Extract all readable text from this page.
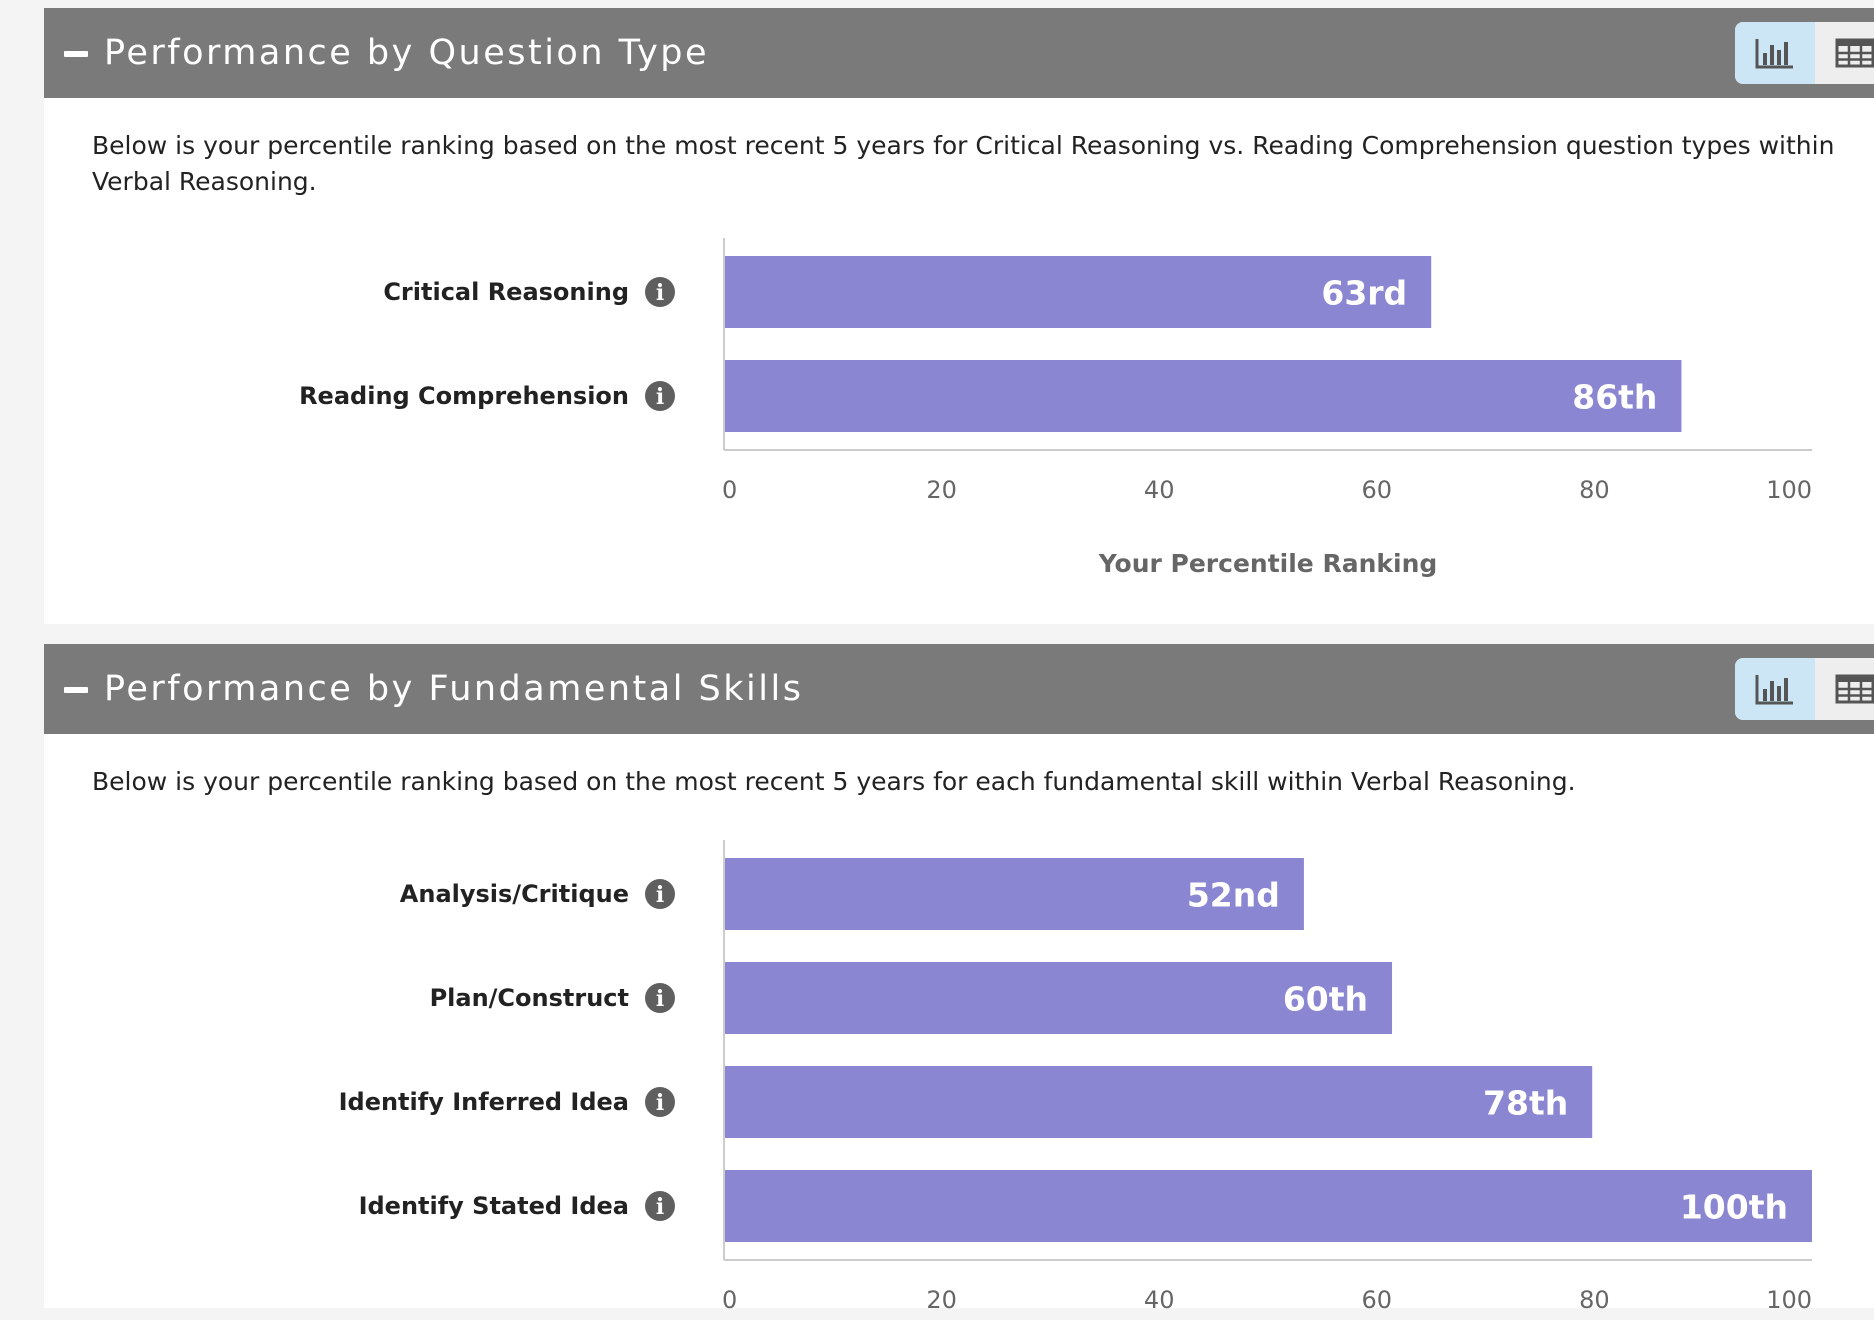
Performance by Question Type
Below is your percentile ranking based on the most recent 5 years for Critical Reasoning vs. Reading Comprehension question types within Verbal Reasoning.
Critical Reasoning i	63rd
Reading Comprehension i	86th
0	20	40	60	80	100
Your Percentile Ranking
Performance by Fundamental Skills
Below is your percentile ranking based on the most recent 5 years for each fundamental skill within Verbal Reasoning.
Analysis/Critique i	52nd
Plan/Construct i	60th
Identify Inferred Idea i	78th
Identify Stated Idea i	100th
0	20	40	60	80	100
